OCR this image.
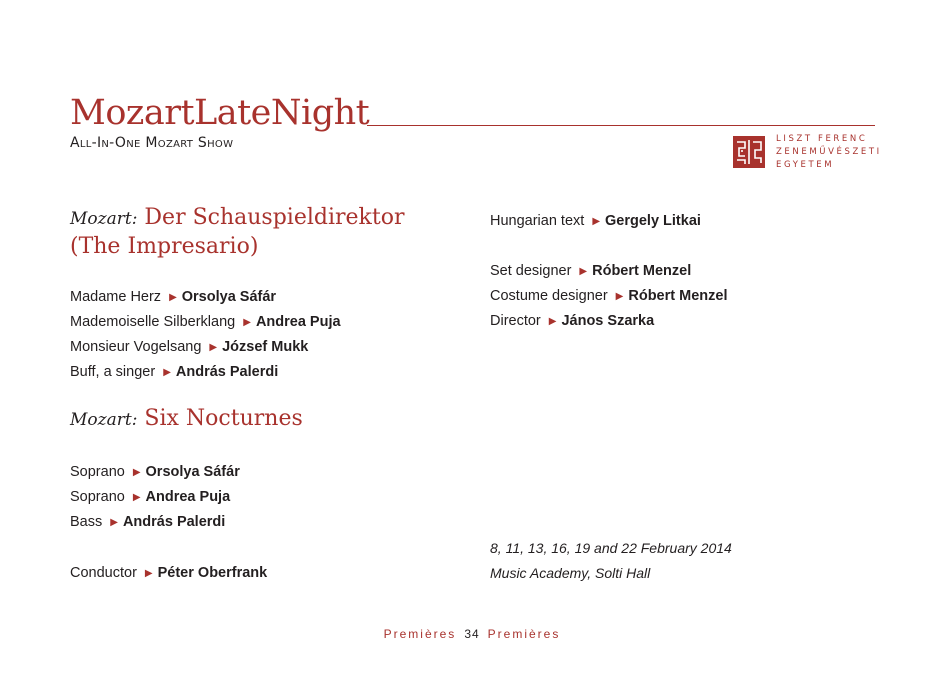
MozartLateNight
All-In-One Mozart Show	LISZT FERENC
ZENEMŰVÉSZETI
EGYETEM
Mozart: Der Schauspieldirektor
(The Impresario)
Madame Herz ▶ Orsolya Sáfár
Mademoiselle Silberklang ▶ Andrea Puja
Monsieur Vogelsang ▶ József Mukk
Buff, a singer ▶ András Palerdi
Mozart: Six Nocturnes
Soprano ▶ Orsolya Sáfár
Soprano ▶ Andrea Puja
Bass ▶ András Palerdi
Conductor ▶ Péter Oberfrank
Hungarian text ▶ Gergely Litkai
Set designer ▶ Róbert Menzel
Costume designer ▶ Róbert Menzel
Director ▶ János Szarka
8, 11, 13, 16, 19 and 22 February 2014
Music Academy, Solti Hall
Premières 34 Premières
